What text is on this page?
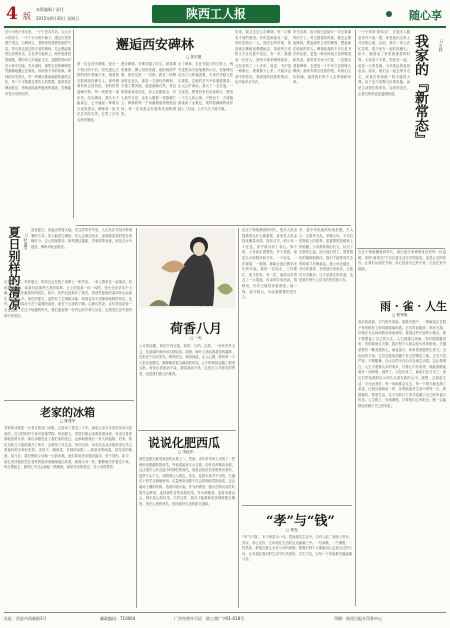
4 版
本版编辑 / 责任
2015年8月30日 星期日	陕西工人报	随心享
在小小的小作坊里，一个个老式作坊，大大小小的房子，一个个小小的小铺子，透过古老的窗户望去，石碑林立，老街里弥漫着传统的气息。每当我走进这些古老的街巷，总会想起那些往昔的时光。走在青石板路上，两旁是斑驳的墙壁，偶尔有几只麻雀飞过，清脆的鸣叫声在小巷中回荡。岁月流转，那些古老的碑刻依然静静地矗立在那里，诉说着千年的故事。碑林的历史悠久，每一块碑石都承载着厚重的文化，每一个字都蕴含着先人的智慧。我常常在碑前驻足，细细品味那些遒劲的笔画，仿佛能听见历史的回声。
邂逅西安碑林
□ 郭宏德
第一次去西安碑林，是在一个秋日的午后。阳光透过古树的枝叶洒落下来，斑驳的光影映照在碑石上。那些碑刻有的已经风化，有的依然清晰可辨，每一块都是一部历史。站在碑前，我久久不能离去，心中涌起一种难以言说的感动。碑林是一座书法艺术的宝库，汇集了历代名家的墨迹。
漫步碑林，仿佛穿越了时空。颜真卿的雄浑、柳公权的劲健、欧阳询的严谨，都在这里一一呈现。我在一块碑前驻足良久，那是一方唐代的碑刻，字迹工整秀丽，笔意流畅自然。身边的游客来来往往，有人拍照留念，有人低声讨论，也有人像我一样静静伫立。碑林的每一个角落都值得细细品味，每一次来都会有新的发现和感悟。
出了碑林，走在书院门的古街上，两旁是售卖字画笔墨的小店。老师傅们在店门口挥毫泼墨，引来许多路人驻足观看。这里的空气中弥漫着墨香，让人心旷神怡。我买了一支毛笔，一刀宣纸，想着回家后也练练字，感受一下古人的心境。夕阳西下，古城墙被染成了金黄色，我带着满满的收获踏上了归途，心中久久不能平静。
后来，我又去过几次碑林，每一次都有不同的感受。有时是和朋友一起，有时是独自一人。独自去的时候，我喜欢在碑廊里慢慢地走，看那些古老的文字在光影中变幻。有一次，我遇到一位老人，他每天都来碑林临帖，已经坚持了二十多年。他说，书法是一种修行，需要静下心来，才能体会其中的妙处。我被他的执着所感动，也开始学习书法。
时光荏苒，如今我已经能写一手还算像样的字了。每当提笔的时候，我总会想起碑林，想起那些古老的碑刻，想起那位临帖的老人。碑林给我的不仅仅是书法的启蒙，更是一种对传统文化的敬畏和热爱。我常常对孩子们说，一定要去看看碑林，去感受一下中华文化的博大精深。那里有我们民族的根，有我们文化的魂，值得我们每个人去珍惜和传承。
一个小家的“新常态”，在很多人眼里或许不值一提，却是我们全家人共同的心愿。以前，我们一家人各忙各的，很少坐在一起吃饭聊天。如今，晚饭成了家里最重要的时刻，大家放下手机，围坐在一起，说说一天的见闻，分享彼此的喜怒哀乐。周末，我们会一起去郊外走走，或者在家里做一顿丰盛的大餐。孩子也不再整天盯着电脑，而是主动帮忙做家务。这样的变化，让我们的家更加温暖和谐。	我家的『新常态』	□ 方利
夏日别样的清凉 □ 叶嘉莹
炎炎夏日，高温炙烤着大地。在这样的季节里，人们总在寻找各种消暑的方式。有人躲进空调房，有人去海边戏水，而我最喜欢的是在傍晚时分，去公园里散步。微风拂过湖面，带来阵阵凉意，荷花在水中摇曳，蝉鸣声此起彼伏。
记得小时候，每到夏天，奶奶总会在院子里摆上一张竹床，一家人围坐在一起乘凉。奶奶摇着蒲扇，给我们讲那些古老的故事。天上的星星一闪一闪的，萤火虫在草丛中飞舞，那是童年最美好的回忆。如今，奶奶已经离开了我们，但那些夏夜的清凉却永远留在了我的心中。现在的夏天，虽然有了空调和冰箱，却再也找不到那种纯粹的快乐。也许，真正的清凉不在于温度的高低，而在于心境的宁静。心静自然凉，这句老话说得一点也没错。在这个喧嚣的时代，我们更需要一份内心的平和与从容，去感受生活中那些细小的美好。
老家的冰箱
□ 陈建华
老家的冰箱是一台老式的双门冰箱，已经用了将近二十年。那是父亲当年省吃俭用买回来的，在当时的村子里可是稀罕物。每到夏天，邻居们都会来我家借冰块，母亲总是热情地招呼大家。那台冰箱见证了我们家的变迁，也承载着我们一家人的温情。后来，我们兄妹几个陆续离开了家乡，去城里工作生活。每次回家，母亲总会从冰箱里拿出早已准备好的各种好吃的，冻饺子、腌咸菜、自制的冰棍……那是家的味道，是母爱的味道。前几年，我们想给父母换一台新冰箱，他们却说老冰箱还能用，舍不得扔。如今，那台老冰箱依然在老家的厨房里嗡嗡地运转着，就像父母一样，默默地守护着这个家。每当想起它，我的心中总会涌起一股暖流，那是对家的眷恋，对父母的感恩。
环球 · 画
荷香八月
□ 一鸣
八月的池塘，荷花开得正艳。粉的、白的、红的，一朵朵亭亭玉立，在碧绿的荷叶间尽情绽放。清晨，荷叶上滚动着晶莹的露珠，在阳光下闪闪发光。微风吹过，荷香四溢，沁人心脾。我常常一个人坐在池塘边，静静地欣赏这满池的荷花，心中的烦恼也随之烟消云散。荷花出淤泥而不染，濯清涟而不妖，这是古人对荷花的赞美，也是我们做人的准则。
说说化肥西瓜
□ 李振华
西瓜是夏天最受欢迎的水果之一。然而，近年来市场上出现了一些使用化肥催熟的西瓜，外表看起来又大又圆，切开后却寡淡无味。这让很多人怀念起小时候吃的西瓜，那是农民用农家肥种出来的，虽然个头不大，却甜得让人难忘。其实，化肥本身并不可怕，关键在于科学合理地使用。过量使用化肥不仅会影响西瓜的品质，还会破坏土壤的结构，造成环境污染。作为消费者，我们在购买西瓜时要学会辨别，选择那些自然成熟的瓜。作为种植者，更要本着良心，种出放心的好瓜。只有这样，我们才能重新吃到那种甜在嘴里、美在心里的西瓜，找回那份久违的夏日滋味。
在这个物欲横流的时代，很多人把金钱看得比什么都重要，甚至有人用金钱来衡量亲情。逢年过节，给父母一个红包，似乎就尽到了孝心。殊不知，父母真正需要的，并不是钱，而是儿女的陪伴和关怀。一个电话，一次探望，一顿饭，都能让他们感到无比的幸福。我的一位朋友，工作繁忙，很少回家。有一次，他给母亲寄去了一大笔钱，母亲却打电话说，钱够用，你有空就回来看看吧。那一刻，他才明白，母亲最想要的是什么。
孝，是中华民族的传统美德。古人云：百善孝为先。孝顺父母，不仅仅是物质上的供养，更重要的是精神上的慰藉。父母养育我们长大，付出了无数的心血，如今他们老了，需要我们的照顾和陪伴。我们不能等到失去的时候才后悔莫及。趁父母还健在，多回家看看，多陪他们说说话，让他们安享晚年。这才是真正的孝道，也是我们每个人应尽的责任和义务。
“孝”与“钱”
□ 程雯
“孝”与“钱”，本不该混为一谈。然而现实生活中，总有人把二者画上等号。其实，孝心无价，它体现在生活的点点滴滴之中。一句问候，一个拥抱，一杯热茶，都饱含着儿女对父母的深情。愿我们每个人都能用心去爱自己的父母，让孝道在我们的生活中代代相传，生生不息，让每一个家庭都充满温暖与爱。
在这个物欲横流的时代，我们更应该珍惜身边的每一份温暖。家的“新常态”不仅仅是生活方式的改变，更是心灵的回归。让我们从现在开始，用心经营自己的小家，让爱在家中流淌。
雨 · 雀 · 人生
□ 程秀娥
雨后的清晨，空气格外清新。我推开窗户，一群麻雀正在院子里的树枝上叽叽喳喳地叫着。它们时而跳跃，时而飞翔，好像在为这场雨的到来而欢呼。看着这些可爱的小精灵，我不禁想起了自己的人生。人生就像这场雨，有时候阴霾密布，有时候雨过天晴。我们每个人都会经历风风雨雨，关键是要有一颗坚强的心。麻雀虽小，却有着顽强的生命力。无论刮风下雨，它们总能找到属于自己的栖息之地。它们不畏严寒，不惧酷暑，在大自然中自由自在地生活着。这让我明白，人生不需要太多的奢求，只要心中有希望，就能勇敢地面对一切困难。雨停了，太阳出来了，麻雀们也飞走了，但它们带给我的启示却久久留在我的心中。我想，这就是生活，平凡而美好。每一场雨都会过去，每一个明天都充满了希望。让我们像麻雀一样，乐观地面对生活中的每一天，珍惜拥有，感恩生活，在平凡的日子里寻找属于自己的幸福与快乐。人生路上，风雨兼程，只要我们心怀阳光，就一定能够迎来属于自己的彩虹。
社址：西安市西新街3号	邮政编码：710004	广告经营许可证：陕工商广字01-018号	印刷：陕西日报社印务中心
